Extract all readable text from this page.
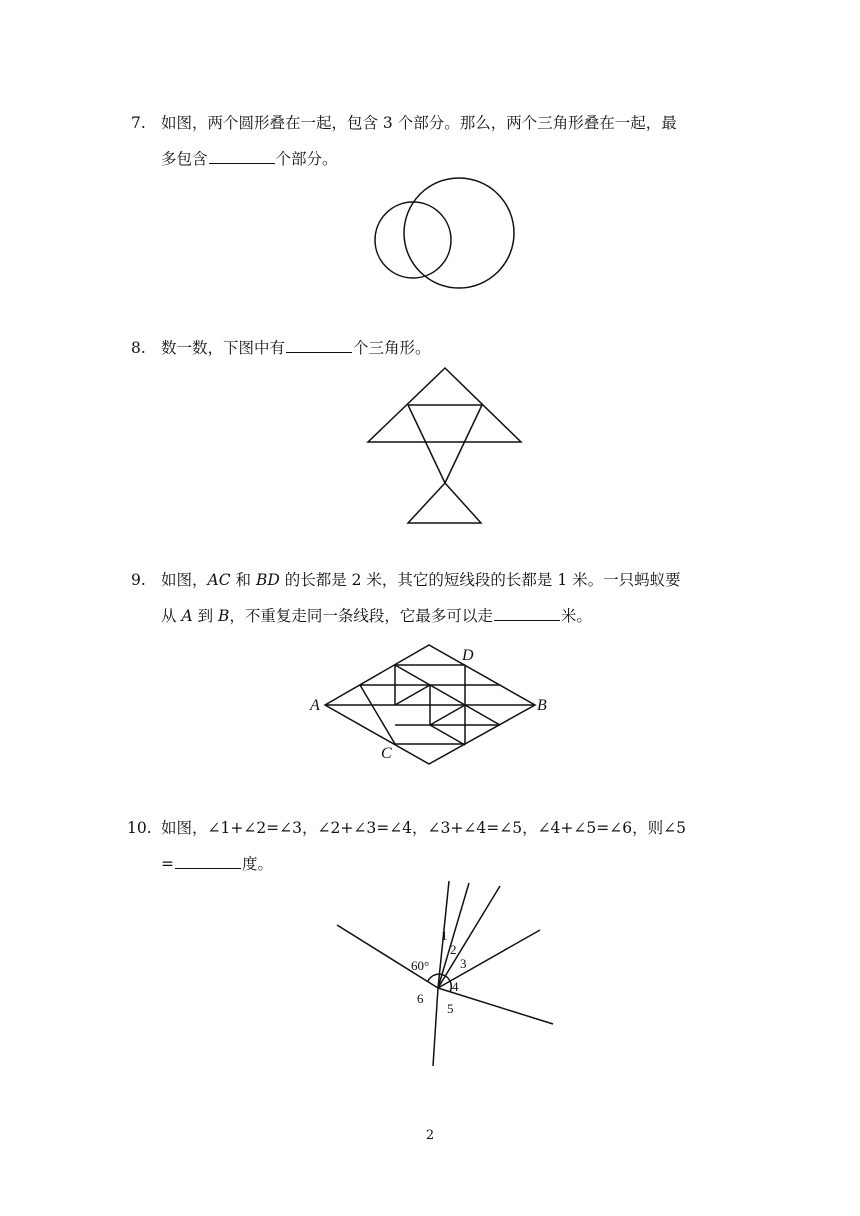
7. 如图，两个圆形叠在一起，包含 3 个部分。那么，两个三角形叠在一起，最
多包含	个部分。
8. 数一数，下图中有	个三角形。
9. 如图，AC 和 BD 的长都是 2 米，其它的短线段的长都是 1 米。一只蚂蚁要
从 A 到 B，不重复走同一条线段，它最多可以走	米。
D
A	B
C
10. 如图，∠1+∠2=∠3，∠2+∠3=∠4，∠3+∠4=∠5，∠4+∠5=∠6，则∠5
=	度。
60°
1
2
3
4
5
6
2
